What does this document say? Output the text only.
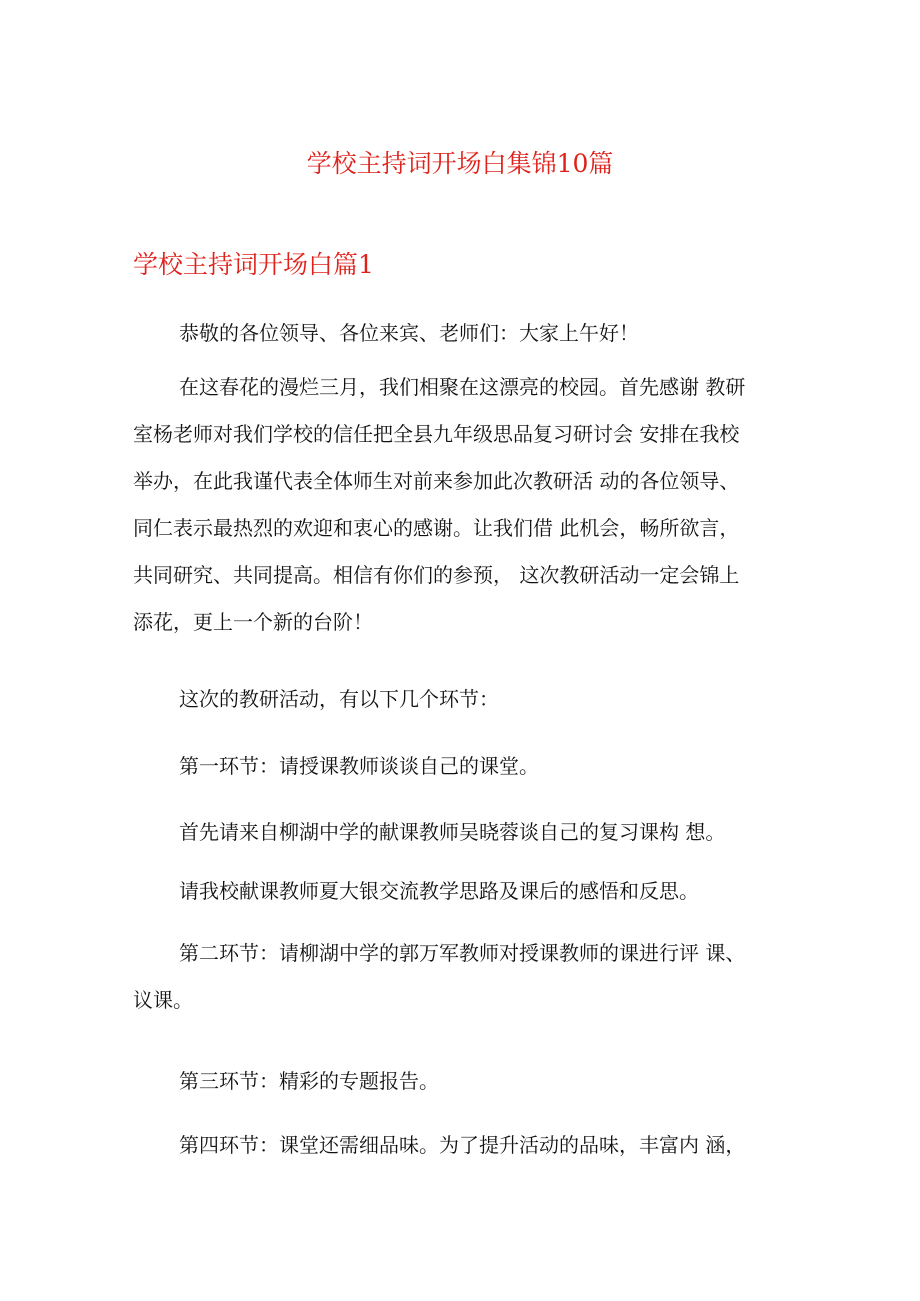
学校主持词开场白集锦10篇
学校主持词开场白篇1

恭敬的各位领导、各位来宾、老师们：大家上午好！

在这春花的漫烂三月，我们相聚在这漂亮的校园。首先感谢 教研
室杨老师对我们学校的信任把全县九年级思品复习研讨会 安排在我校
举办，在此我谨代表全体师生对前来参加此次教研活 动的各位领导、
同仁表示最热烈的欢迎和衷心的感谢。让我们借 此机会，畅所欲言，
共同研究、共同提高。相信有你们的参预， 这次教研活动一定会锦上
添花，更上一个新的台阶！

这次的教研活动，有以下几个环节：

第一环节：请授课教师谈谈自己的课堂。

首先请来自柳湖中学的献课教师吴晓蓉谈自己的复习课构 想。

请我校献课教师夏大银交流教学思路及课后的感悟和反思。

第二环节：请柳湖中学的郭万军教师对授课教师的课进行评 课、
议课。

第三环节：精彩的专题报告。

第四环节：课堂还需细品味。为了提升活动的品味，丰富内 涵，
